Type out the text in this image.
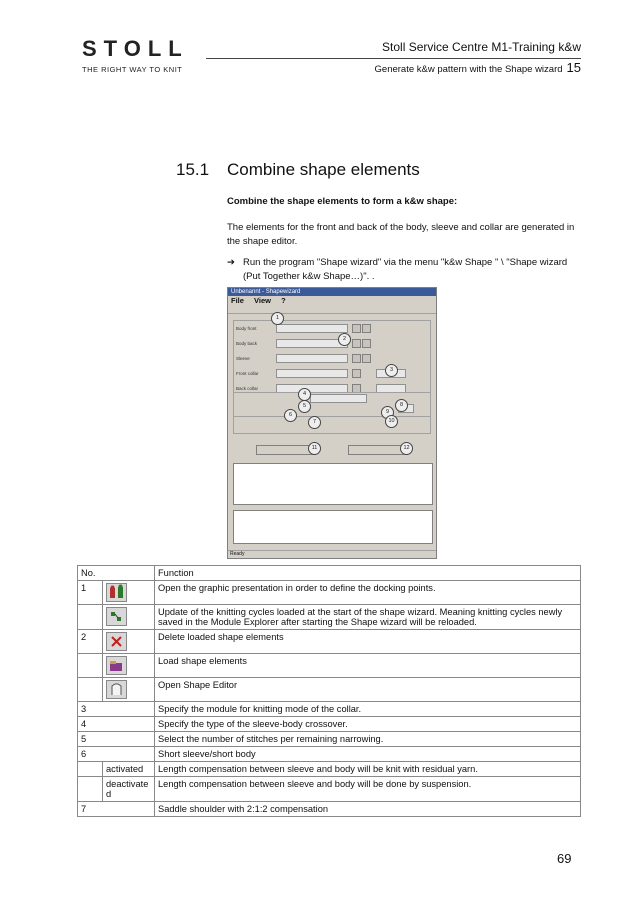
STOLL
THE RIGHT WAY TO KNIT
Stoll Service Centre M1-Training k&w
Generate k&w pattern with the Shape wizard 15
15.1 Combine shape elements
Combine the shape elements to form a k&w shape:
The elements for the front and back of the body, sleeve and collar are generated in the shape editor.
➔ Run the program "Shape wizard" via the menu "k&w Shape " \ "Shape wizard (Put Together k&w Shape…)". .
Unbenannt - Shapewizard
File View ?
Body front
Body back
Sleeve
Front collar
Back collar
Ready
1
2
3
4
5
6
7
8
9
10
11	12
No.		Function
1		Open the graphic presentation in order to define the docking points.
		Update of the knitting cycles loaded at the start of the shape wizard. Meaning knitting cycles newly saved in the Module Explorer after starting the Shape wizard will be reloaded.
2		Delete loaded shape elements
		Load shape elements
		Open Shape Editor
3		Specify the module for knitting mode of the collar.
4		Specify the type of the sleeve-body crossover.
5		Select the number of stitches per remaining narrowing.
6		Short sleeve/short body
	activated	Length compensation between sleeve and body will be knit with residual yarn.
	deactivated	Length compensation between sleeve and body will be done by suspension.
7		Saddle shoulder with 2:1:2 compensation
69
